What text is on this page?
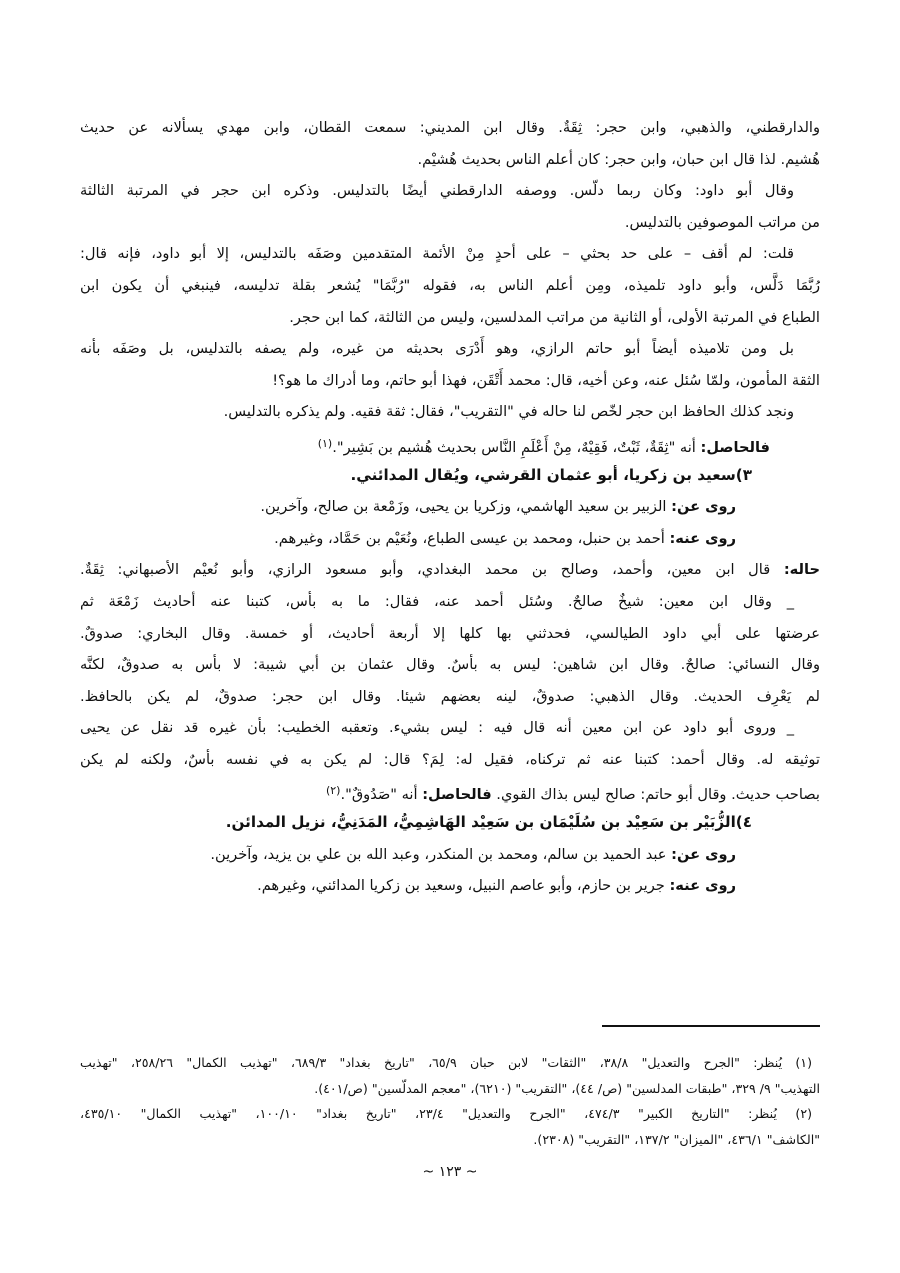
والدارقطني، والذهبي، وابن حجر: ثِقَةٌ. وقال ابن المديني: سمعت القطان، وابن مهدي يسألانه عن حديث
هُشيم. لذا قال ابن حبان، وابن حجر: كان أعلم الناس بحديث هُشيْم.
وقال أبو داود: وكان ربما دلّس. ووصفه الدارقطني أيضًا بالتدليس. وذكره ابن حجر في المرتبة الثالثة
من مراتب الموصوفين بالتدليس.
قلت: لم أقف – على حد بحثي – على أحدٍ مِنْ الأئمة المتقدمين وصَفَه بالتدليس، إلا أبو داود، فإنه قال:
رُبَّمَا دَلَّس، وأبو داود تلميذه، ومِن أعلم الناس به، فقوله "رُبَّمَا" يُشعر بقلة تدليسه، فينبغي أن يكون ابن
الطباع في المرتبة الأولى، أو الثانية من مراتب المدلسين، وليس من الثالثة، كما ابن حجر.
بل ومن تلاميذه أيضاً أبو حاتم الرازي، وهو أَدْرَى بحديثه من غيره، ولم يصفه بالتدليس، بل وصَفَه بأنه
الثقة المأمون، ولمّا سُئل عنه، وعن أخيه، قال: محمد أَتْقَن، فهذا أبو حاتم، وما أدراك ما هو؟!
ونجد كذلك الحافظ ابن حجر لخّص لنا حاله في "التقريب"، فقال: ثقة فقيه. ولم يذكره بالتدليس.
فالحاصل: أنه "ثِقَةٌ، ثَبْتٌ، فَقِيْهٌ، مِنْ أَعْلَمِ النَّاس بحديث هُشيم بن بَشِير".$^{(١)}$
٣)سعيد بن زكريا، أبو عثمان القرشي، ويُقال المدائني.
روى عن: الزبير بن سعيد الهاشمي، وزكريا بن يحيى، وزَمْعة بن صالح، وآخرين.
روى عنه: أحمد بن حنبل، ومحمد بن عيسى الطباع، ونُعَيْم بن حَمَّاد، وغيرهم.
حاله: قال ابن معين، وأحمد، وصالح بن محمد البغدادي، وأبو مسعود الرازي، وأبو نُعيْم الأصبهاني: ثِقَةٌ.
_ وقال ابن معين: شيخٌ صالحٌ. وسُئل أحمد عنه، فقال: ما به بأس، كتبنا عنه أحاديث زَمْعَة ثم
عرضتها على أبي داود الطيالسي، فحدثني بها كلها إلا أربعة أحاديث، أو خمسة. وقال البخاري: صدوقٌ.
وقال النسائي: صالحٌ. وقال ابن شاهين: ليس به بأسٌ. وقال عثمان بن أبي شيبة: لا بأس به صدوقٌ، لكنَّه
لم يَعْرِف الحديث. وقال الذهبي: صدوقٌ، لينه بعضهم شيئا. وقال ابن حجر: صدوقٌ، لم يكن بالحافظ.
_ وروى أبو داود عن ابن معين أنه قال فيه : ليس بشيء. وتعقبه الخطيب: بأن غيره قد نقل عن يحيى
توثيقه له. وقال أحمد: كتبنا عنه ثم تركناه، فقيل له: لِمَ؟ قال: لم يكن به في نفسه بأسٌ، ولكنه لم يكن
بصاحب حديث. وقال أبو حاتم: صالح ليس بذاك القوي. فالحاصل: أنه "صَدُوقٌ".$^{(٢)}$
٤)الزُّبَيْر بن سَعِيْد بن سُلَيْمَان بن سَعِيْد الهَاشِمِيُّ، المَدَنِيُّ، نزيل المدائن.
روى عن: عبد الحميد بن سالم، ومحمد بن المنكدر، وعبد الله بن علي بن يزيد، وآخرين.
روى عنه: جرير بن حازم، وأبو عاصم النبيل، وسعيد بن زكريا المدائني، وغيرهم.
(١) يُنظر: "الجرح والتعديل" ٣٨/٨، "الثقات" لابن حبان ٦٥/٩، "تاريخ بغداد" ٦٨٩/٣، "تهذيب الكمال" ٢٥٨/٢٦، "تهذيب
التهذيب" ٩/ ٣٢٩، "طبقات المدلسين" (ص/ ٤٤)، "التقريب" (٦٢١٠)، "معجم المدلّسين" (ص/٤٠١).
(٢) يُنظر: "التاريخ الكبير" ٤٧٤/٣، "الجرح والتعديل" ٢٣/٤، "تاريخ بغداد" ١٠٠/١٠، "تهذيب الكمال" ٤٣٥/١٠،
"الكاشف" ٤٣٦/١، "الميزان" ١٣٧/٢، "التقريب" (٢٣٠٨).
~ ١٢٣ ~
